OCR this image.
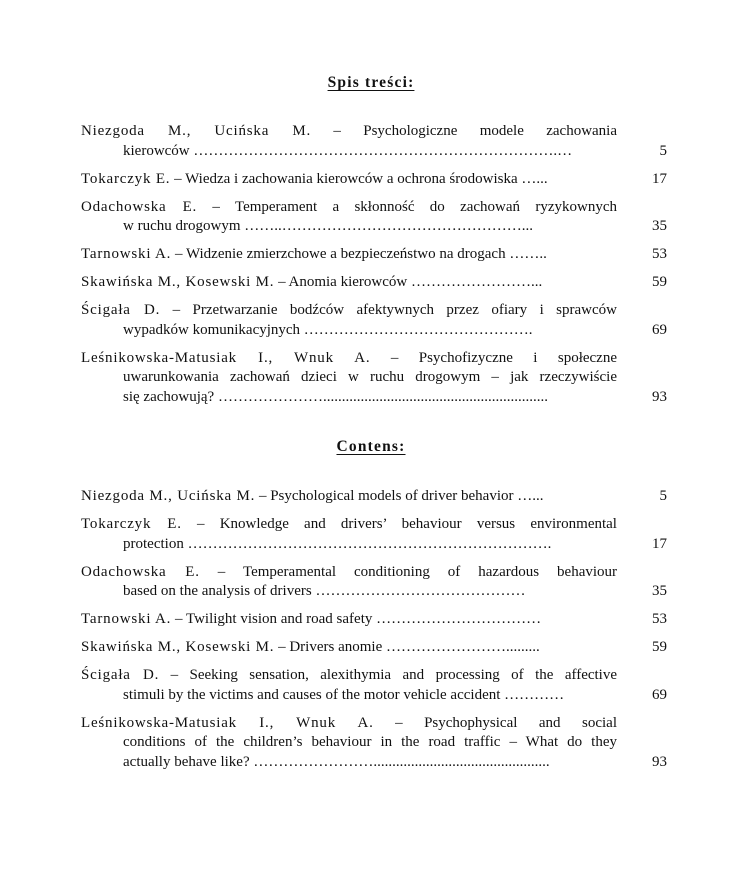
Spis treści:
Niezgoda M., Ucińska M. – Psychologiczne modele zachowania
kierowców ……………………………………………………………….…	5
Tokarczyk E. – Wiedza i zachowania kierowców a ochrona środowiska …...	17
Odachowska E. – Temperament a skłonność do zachowań ryzykownych
w ruchu drogowym ……..…………………………………………...	35
Tarnowski A. – Widzenie zmierzchowe a bezpieczeństwo na drogach ……..	53
Skawińska M., Kosewski M. – Anomia kierowców ……………………...	59
Ścigała D. – Przetwarzanie bodźców afektywnych przez ofiary i sprawców
wypadków komunikacyjnych ……………………………………….	69
Leśnikowska-Matusiak I., Wnuk A. – Psychofizyczne i społeczne
uwarunkowania zachowań dzieci w ruchu drogowym – jak rzeczywiście
się zachowują? …………………............................................................	93
Contens:
Niezgoda M., Ucińska M. – Psychological models of driver behavior …...	5
Tokarczyk E. – Knowledge and drivers’ behaviour versus environmental
protection ……………………………………………………………….	17
Odachowska E. – Temperamental conditioning of hazardous behaviour
based on the analysis of drivers ……………………………………	35
Tarnowski A. – Twilight vision and road safety ……………………………	53
Skawińska M., Kosewski M. – Drivers anomie …………………….........	59
Ścigała D. – Seeking sensation, alexithymia and processing of the affective
stimuli by the victims and causes of the motor vehicle accident …………	69
Leśnikowska-Matusiak I., Wnuk A. – Psychophysical and social
conditions of the children’s behaviour in the road traffic – What do they
actually behave like? ……………………...............................................	93
